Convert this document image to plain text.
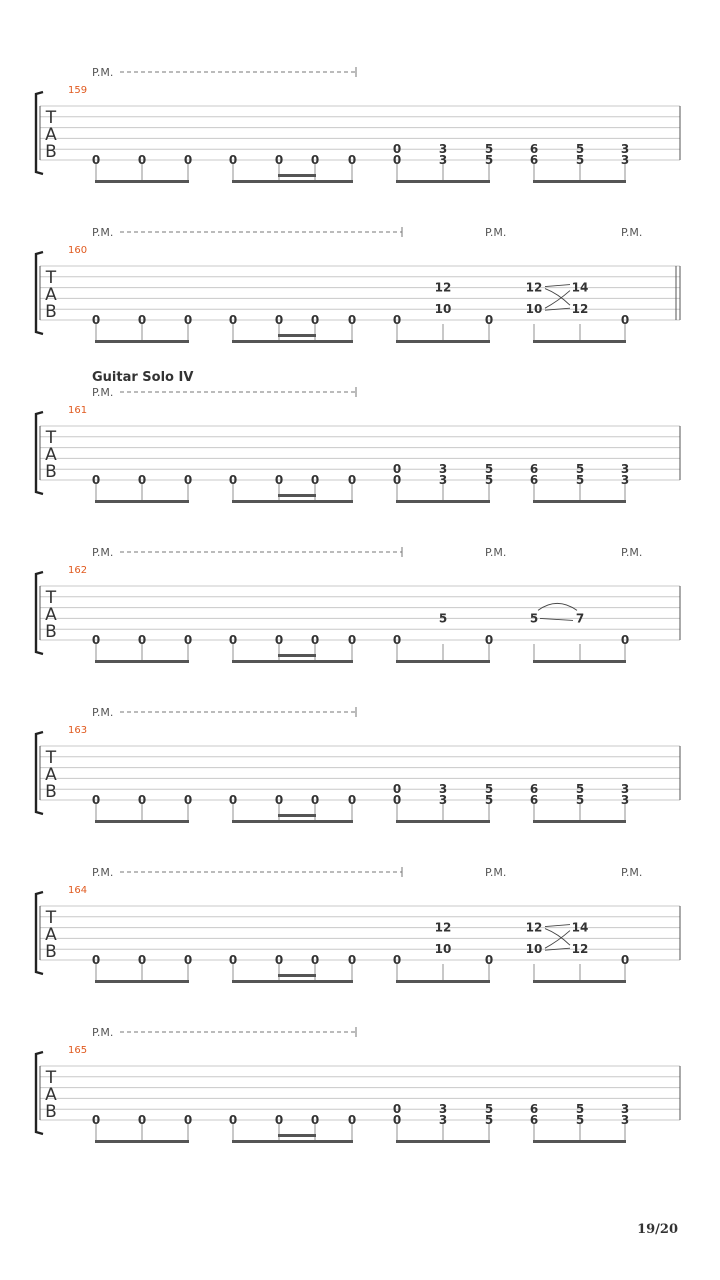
P.M.
159
T
A
B	0	0	0	0	0 0 0
0	3	5	6	5	3
0	3	5	6	5	3
P.M.	P.M.	P.M.
160
T
A
B	0	0	0	0	0 0 0	0	0	0
12
10
12
10
14
12
Guitar Solo IV
P.M.
161
T
A
B	0	0	0	0	0 0 0
0	3	5	6	5	3
0	3	5	6	5	3
P.M.	P.M.	P.M.
162
T
A
B	0	0	0	0	0 0 0	0	0	0
5	5	7
P.M.
163
T
A
B	0	0	0	0	0 0 0
0	3	5	6	5	3
0	3	5	6	5	3
P.M.	P.M.	P.M.
164
T
A
B	0	0	0	0	0 0 0	0	0	0
12
10
12
10
14
12
P.M.
165
T
A
B	0	0	0	0	0 0 0
0	3	5	6	5	3
0	3	5	6	5	3
19/20
